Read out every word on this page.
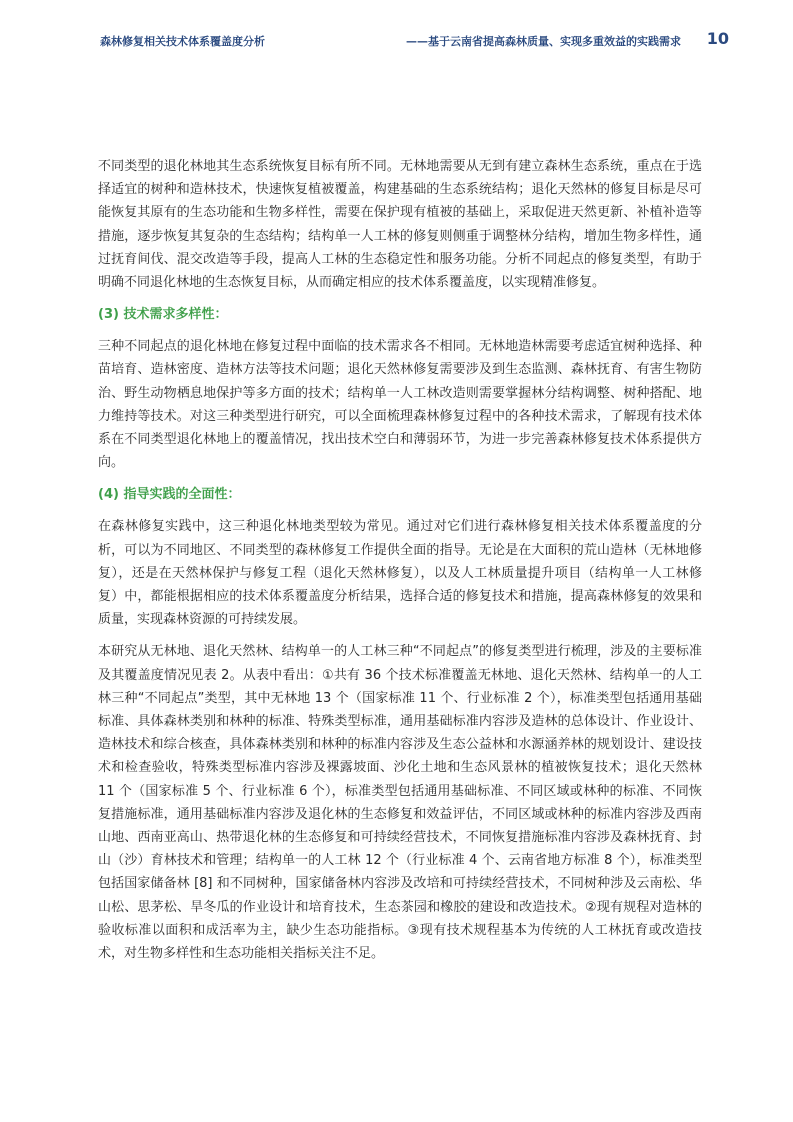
森林修复相关技术体系覆盖度分析	——基于云南省提高森林质量、实现多重效益的实践需求 10

不同类型的退化林地其生态系统恢复目标有所不同。无林地需要从无到有建立森林生态系统，重点在于选择适宜的树种和造林技术，快速恢复植被覆盖，构建基础的生态系统结构；退化天然林的修复目标是尽可能恢复其原有的生态功能和生物多样性，需要在保护现有植被的基础上，采取促进天然更新、补植补造等措施，逐步恢复其复杂的生态结构；结构单一人工林的修复则侧重于调整林分结构，增加生物多样性，通过抚育间伐、混交改造等手段，提高人工林的生态稳定性和服务功能。分析不同起点的修复类型，有助于明确不同退化林地的生态恢复目标，从而确定相应的技术体系覆盖度，以实现精准修复。

(3) 技术需求多样性：

三种不同起点的退化林地在修复过程中面临的技术需求各不相同。无林地造林需要考虑适宜树种选择、种苗培育、造林密度、造林方法等技术问题；退化天然林修复需要涉及到生态监测、森林抚育、有害生物防治、野生动物栖息地保护等多方面的技术；结构单一人工林改造则需要掌握林分结构调整、树种搭配、地力维持等技术。对这三种类型进行研究，可以全面梳理森林修复过程中的各种技术需求，了解现有技术体系在不同类型退化林地上的覆盖情况，找出技术空白和薄弱环节，为进一步完善森林修复技术体系提供方向。

(4) 指导实践的全面性：

在森林修复实践中，这三种退化林地类型较为常见。通过对它们进行森林修复相关技术体系覆盖度的分析，可以为不同地区、不同类型的森林修复工作提供全面的指导。无论是在大面积的荒山造林（无林地修复），还是在天然林保护与修复工程（退化天然林修复），以及人工林质量提升项目（结构单一人工林修复）中，都能根据相应的技术体系覆盖度分析结果，选择合适的修复技术和措施，提高森林修复的效果和质量，实现森林资源的可持续发展。

本研究从无林地、退化天然林、结构单一的人工林三种“不同起点”的修复类型进行梳理，涉及的主要标准及其覆盖度情况见表 2。从表中看出：①共有 36 个技术标准覆盖无林地、退化天然林、结构单一的人工林三种“不同起点”类型，其中无林地 13 个（国家标准 11 个、行业标准 2 个），标准类型包括通用基础标准、具体森林类别和林种的标准、特殊类型标准，通用基础标准内容涉及造林的总体设计、作业设计、造林技术和综合核查，具体森林类别和林种的标准内容涉及生态公益林和水源涵养林的规划设计、建设技术和检查验收，特殊类型标准内容涉及裸露坡面、沙化土地和生态风景林的植被恢复技术；退化天然林 11 个（国家标准 5 个、行业标准 6 个），标准类型包括通用基础标准、不同区域或林种的标准、不同恢复措施标准，通用基础标准内容涉及退化林的生态修复和效益评估，不同区域或林种的标准内容涉及西南山地、西南亚高山、热带退化林的生态修复和可持续经营技术，不同恢复措施标准内容涉及森林抚育、封山（沙）育林技术和管理；结构单一的人工林 12 个（行业标准 4 个、云南省地方标准 8 个），标准类型包括国家储备林 [8] 和不同树种，国家储备林内容涉及改培和可持续经营技术，不同树种涉及云南松、华山松、思茅松、旱冬瓜的作业设计和培育技术，生态茶园和橡胶的建设和改造技术。②现有规程对造林的验收标准以面积和成活率为主，缺少生态功能指标。③现有技术规程基本为传统的人工林抚育或改造技术，对生物多样性和生态功能相关指标关注不足。
